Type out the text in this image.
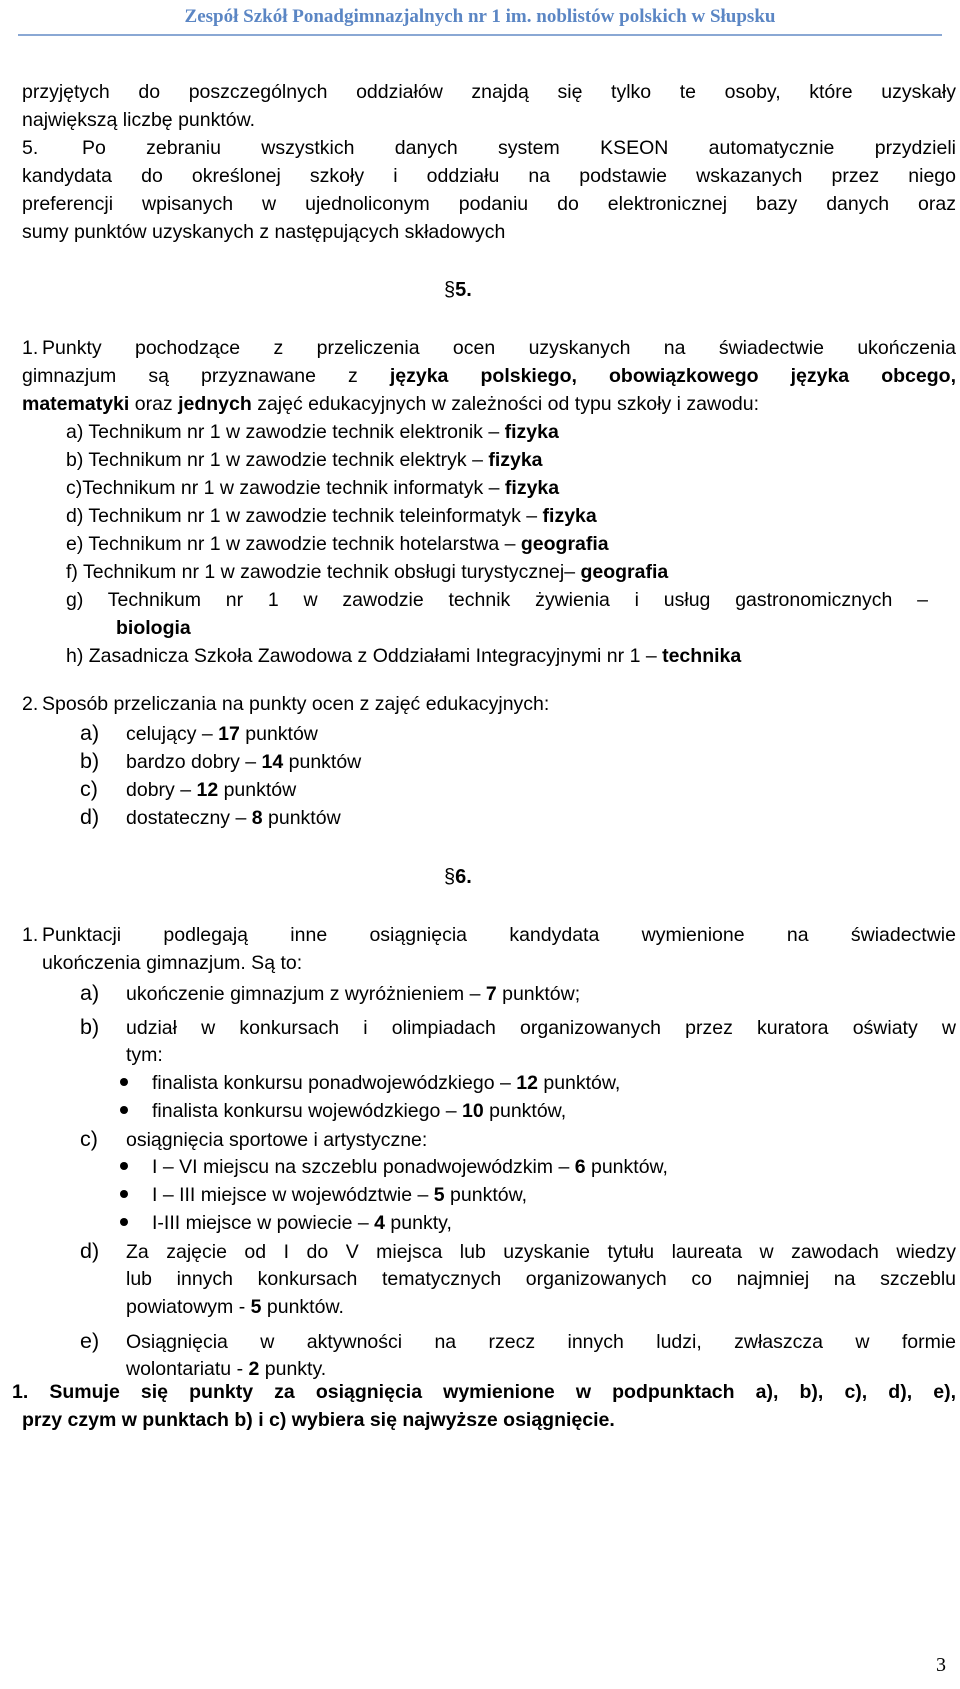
Zespół Szkół Ponadgimnazjalnych nr 1 im. noblistów polskich w Słupsku
przyjętych do poszczególnych oddziałów znajdą się tylko te osoby, które uzyskały
największą liczbę punktów.
5. Po zebraniu wszystkich danych system KSEON automatycznie przydzieli
kandydata do określonej szkoły i oddziału na podstawie wskazanych przez niego
preferencji wpisanych w ujednoliconym podaniu do elektronicznej bazy danych oraz
sumy punktów uzyskanych z następujących składowych
§5.
1. Punkty pochodzące z przeliczenia ocen uzyskanych na świadectwie ukończenia
gimnazjum są przyznawane z języka polskiego, obowiązkowego języka obcego,
matematyki oraz jednych zajęć edukacyjnych w zależności od typu szkoły i zawodu:
a) Technikum nr 1 w zawodzie technik elektronik – fizyka
b) Technikum nr 1 w zawodzie technik elektryk – fizyka
c)Technikum nr 1 w zawodzie technik informatyk – fizyka
d) Technikum nr 1 w zawodzie technik teleinformatyk – fizyka
e) Technikum nr 1 w zawodzie technik hotelarstwa – geografia
f) Technikum nr 1 w zawodzie technik obsługi turystycznej– geografia
g) Technikum nr 1 w zawodzie technik żywienia i usług gastronomicznych –
biologia
h) Zasadnicza Szkoła Zawodowa z Oddziałami Integracyjnymi nr 1 – technika
2. Sposób przeliczania na punkty ocen z zajęć edukacyjnych:
a) celujący – 17 punktów
b) bardzo dobry – 14 punktów
c) dobry – 12 punktów
d) dostateczny – 8 punktów
§6.
1. Punktacji podlegają inne osiągnięcia kandydata wymienione na świadectwie
ukończenia gimnazjum. Są to:
a) ukończenie gimnazjum z wyróżnieniem – 7 punktów;
b) udział w konkursach i olimpiadach organizowanych przez kuratora oświaty w
tym:
finalista konkursu ponadwojewódzkiego – 12 punktów,
finalista konkursu wojewódzkiego – 10 punktów,
c) osiągnięcia sportowe i artystyczne:
I – VI miejscu na szczeblu ponadwojewódzkim – 6 punktów,
I – III miejsce w województwie – 5 punktów,
I-III miejsce w powiecie – 4 punkty,
d) Za zajęcie od I do V miejsca lub uzyskanie tytułu laureata w zawodach wiedzy
lub innych konkursach tematycznych organizowanych co najmniej na szczeblu
powiatowym - 5 punktów.
e) Osiągnięcia w aktywności na rzecz innych ludzi, zwłaszcza w formie
wolontariatu - 2 punkty.
1. Sumuje się punkty za osiągnięcia wymienione w podpunktach a), b), c), d), e),
przy czym w punktach b) i c) wybiera się najwyższe osiągnięcie.
3
